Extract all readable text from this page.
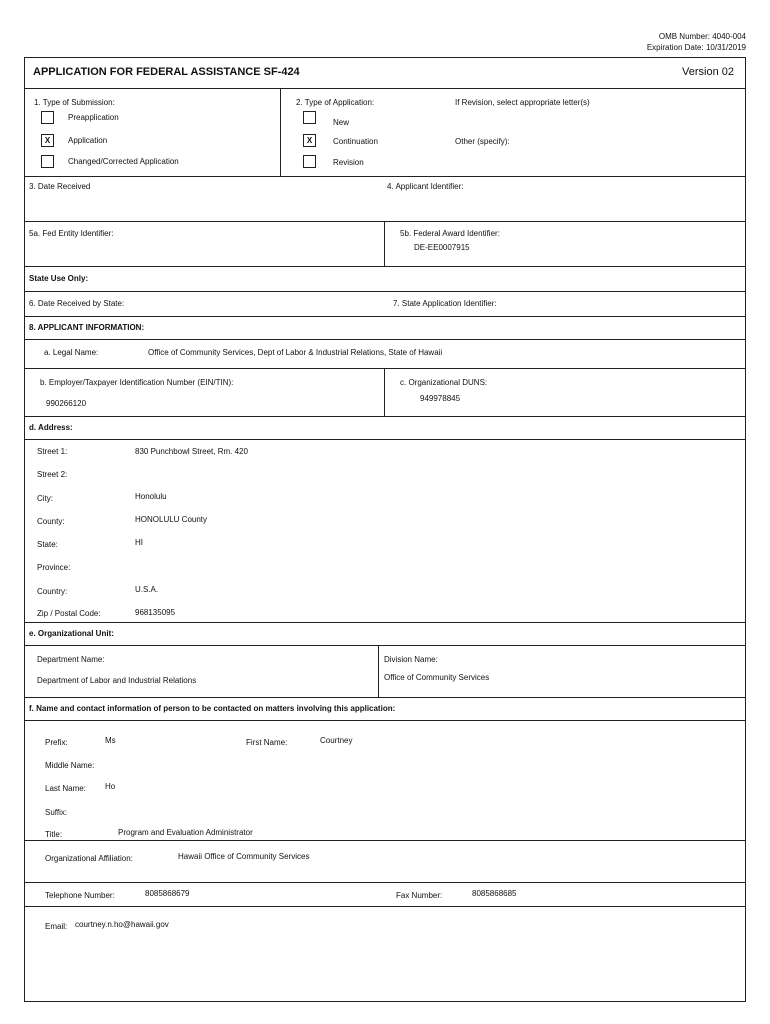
OMB Number: 4040-004
Expiration Date: 10/31/2019
APPLICATION FOR FEDERAL ASSISTANCE SF-424	Version 02
1. Type of Submission:
Preapplication
X	Application
Changed/Corrected Application
2. Type of Application:	If Revision, select appropriate letter(s)
New
X	Continuation	Other (specify):
Revision
3. Date Received	4. Applicant Identifier:
5a. Fed Entity Identifier:	5b. Federal Award Identifier:
DE-EE0007915
State Use Only:
6. Date Received by State:	7. State Application Identifier:
8. APPLICANT INFORMATION:
a. Legal Name:	Office of Community Services, Dept of Labor & Industrial Relations, State of Hawaii
b. Employer/Taxpayer Identification Number (EIN/TIN):
990266120
c. Organizational DUNS:
949978845
d. Address:
Street 1:	830 Punchbowl Street, Rm. 420
Street 2:
City:	Honolulu
County:	HONOLULU County
State:	HI
Province:
Country:	U.S.A.
Zip / Postal Code:	968135095
e. Organizational Unit:
Department Name:
Department of Labor and Industrial Relations
Division Name:
Office of Community Services
f. Name and contact information of person to be contacted on matters involving this application:
Prefix:	Ms	First Name:	Courtney
Middle Name:
Last Name: Ho
Suffix:
Title:	Program and Evaluation Administrator
Organizational Affiliation:	Hawaii Office of Community Services
Telephone Number:	8085868679	Fax Number:	8085868685
Email: courtney.n.ho@hawaii.gov
